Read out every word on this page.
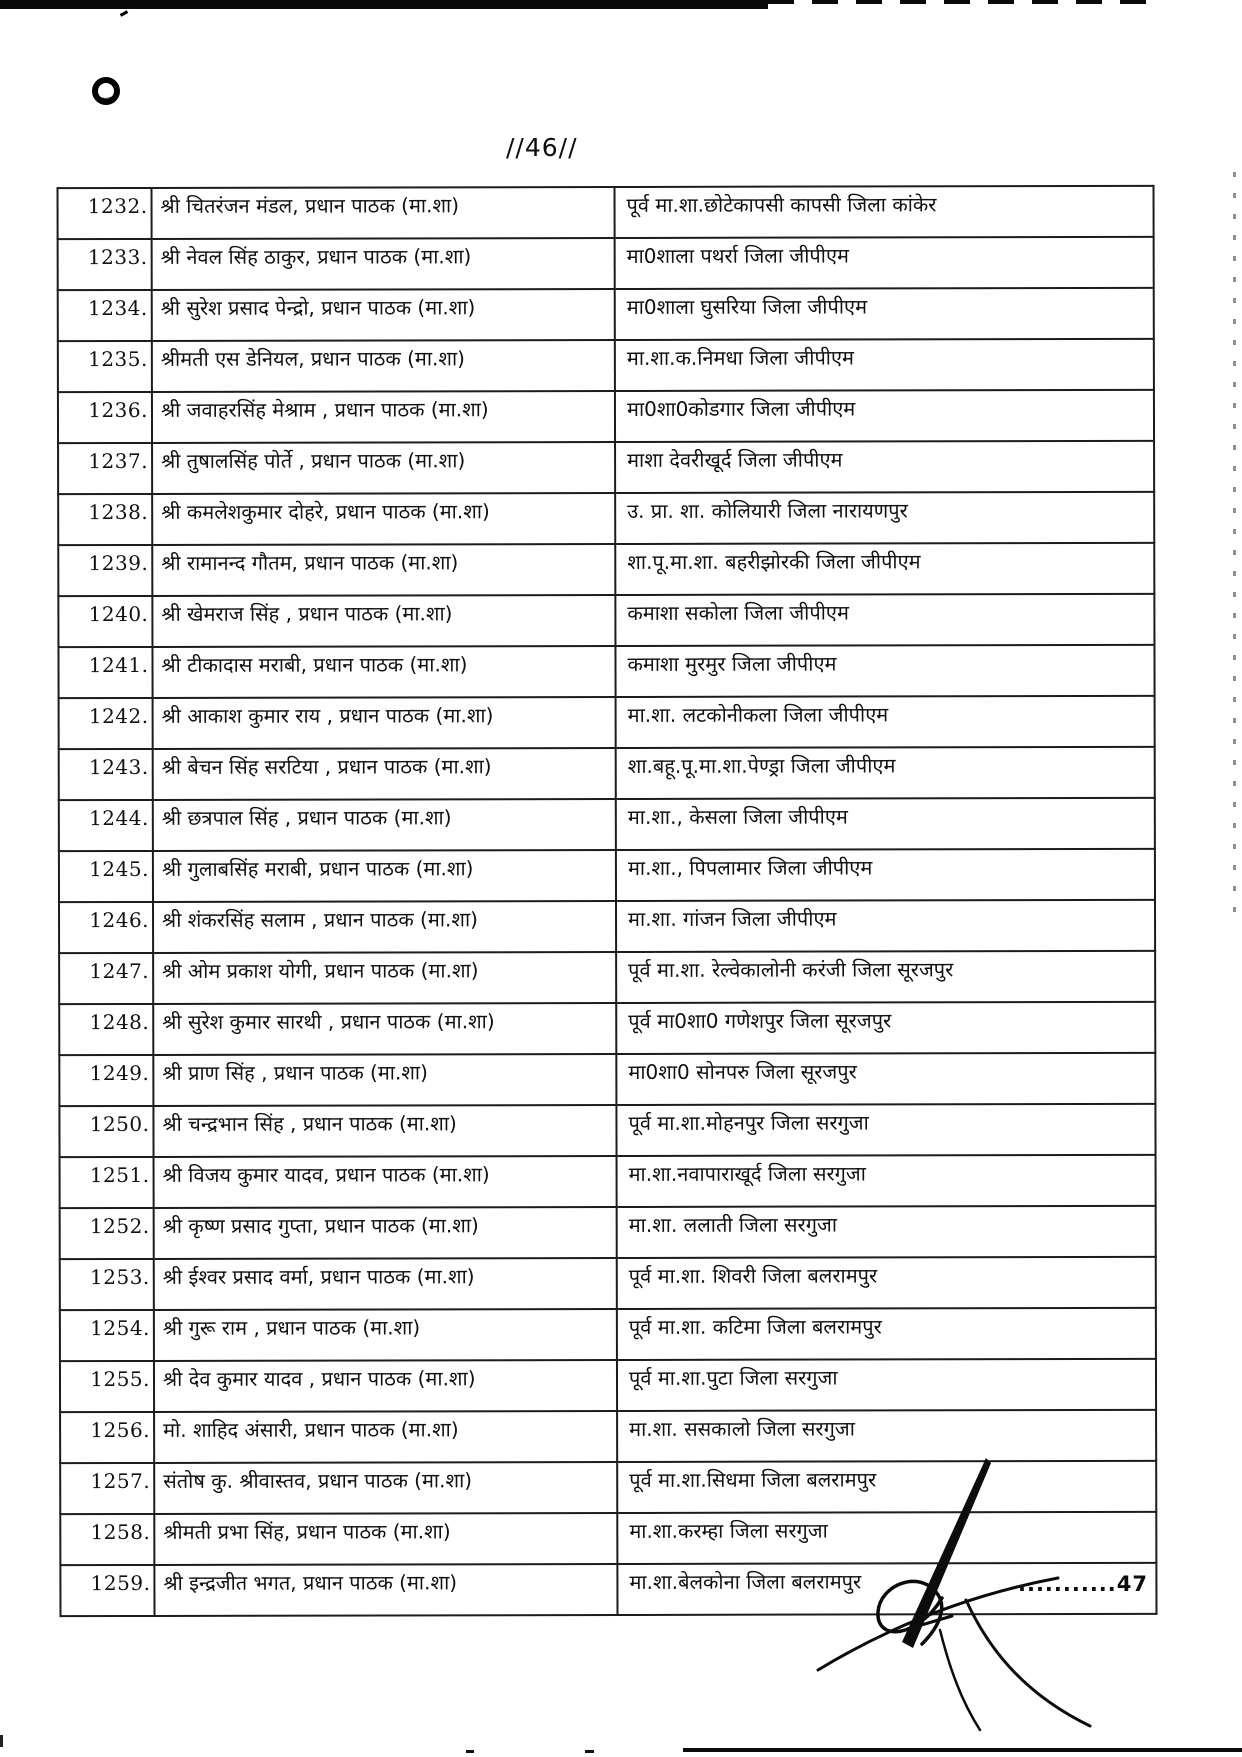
//46//
1232.	श्री चितरंजन मंडल, प्रधान पाठक (मा.शा)	पूर्व मा.शा.छोटेकापसी कापसी जिला कांकेर
1233.	श्री नेवल सिंह ठाकुर, प्रधान पाठक (मा.शा)	मा0शाला पथर्रा जिला जीपीएम
1234.	श्री सुरेश प्रसाद पेन्द्रो, प्रधान पाठक (मा.शा)	मा0शाला घुसरिया जिला जीपीएम
1235.	श्रीमती एस डेनियल, प्रधान पाठक (मा.शा)	मा.शा.क.निमधा जिला जीपीएम
1236.	श्री जवाहरसिंह मेश्राम , प्रधान पाठक (मा.शा)	मा0शा0कोडगार जिला जीपीएम
1237.	श्री तुषालसिंह पोर्ते , प्रधान पाठक (मा.शा)	माशा देवरीखूर्द जिला जीपीएम
1238.	श्री कमलेशकुमार दोहरे, प्रधान पाठक (मा.शा)	उ. प्रा. शा. कोलियारी जिला नारायणपुर
1239.	श्री रामानन्द गौतम, प्रधान पाठक (मा.शा)	शा.पू.मा.शा. बहरीझोरकी जिला जीपीएम
1240.	श्री खेमराज सिंह , प्रधान पाठक (मा.शा)	कमाशा सकोला जिला जीपीएम
1241.	श्री टीकादास मराबी, प्रधान पाठक (मा.शा)	कमाशा मुरमुर जिला जीपीएम
1242.	श्री आकाश कुमार राय , प्रधान पाठक (मा.शा)	मा.शा. लटकोनीकला जिला जीपीएम
1243.	श्री बेचन सिंह सरटिया , प्रधान पाठक (मा.शा)	शा.बहू.पू.मा.शा.पेण्ड्रा जिला जीपीएम
1244.	श्री छत्रपाल सिंह , प्रधान पाठक (मा.शा)	मा.शा., केसला जिला जीपीएम
1245.	श्री गुलाबसिंह मराबी, प्रधान पाठक (मा.शा)	मा.शा., पिपलामार जिला जीपीएम
1246.	श्री शंकरसिंह सलाम , प्रधान पाठक (मा.शा)	मा.शा. गांजन जिला जीपीएम
1247.	श्री ओम प्रकाश योगी, प्रधान पाठक (मा.शा)	पूर्व मा.शा. रेल्वेकालोनी करंजी जिला सूरजपुर
1248.	श्री सुरेश कुमार सारथी , प्रधान पाठक (मा.शा)	पूर्व मा0शा0 गणेशपुर जिला सूरजपुर
1249.	श्री प्राण सिंह , प्रधान पाठक (मा.शा)	मा0शा0 सोनपरु जिला सूरजपुर
1250.	श्री चन्द्रभान सिंह , प्रधान पाठक (मा.शा)	पूर्व मा.शा.मोहनपुर जिला सरगुजा
1251.	श्री विजय कुमार यादव, प्रधान पाठक (मा.शा)	मा.शा.नवापाराखूर्द जिला सरगुजा
1252.	श्री कृष्ण प्रसाद गुप्ता, प्रधान पाठक (मा.शा)	मा.शा. ललाती जिला सरगुजा
1253.	श्री ईश्वर प्रसाद वर्मा, प्रधान पाठक (मा.शा)	पूर्व मा.शा. शिवरी जिला बलरामपुर
1254.	श्री गुरू राम , प्रधान पाठक (मा.शा)	पूर्व मा.शा. कटिमा जिला बलरामपुर
1255.	श्री देव कुमार यादव , प्रधान पाठक (मा.शा)	पूर्व मा.शा.पुटा जिला सरगुजा
1256.	मो. शाहिद अंसारी, प्रधान पाठक (मा.शा)	मा.शा. ससकालो जिला सरगुजा
1257.	संतोष कु. श्रीवास्तव, प्रधान पाठक (मा.शा)	पूर्व मा.शा.सिधमा जिला बलरामपुर
1258.	श्रीमती प्रभा सिंह, प्रधान पाठक (मा.शा)	मा.शा.करम्हा जिला सरगुजा
1259.	श्री इन्द्रजीत भगत, प्रधान पाठक (मा.शा)	मा.शा.बेलकोना जिला बलरामपुर	...........47
